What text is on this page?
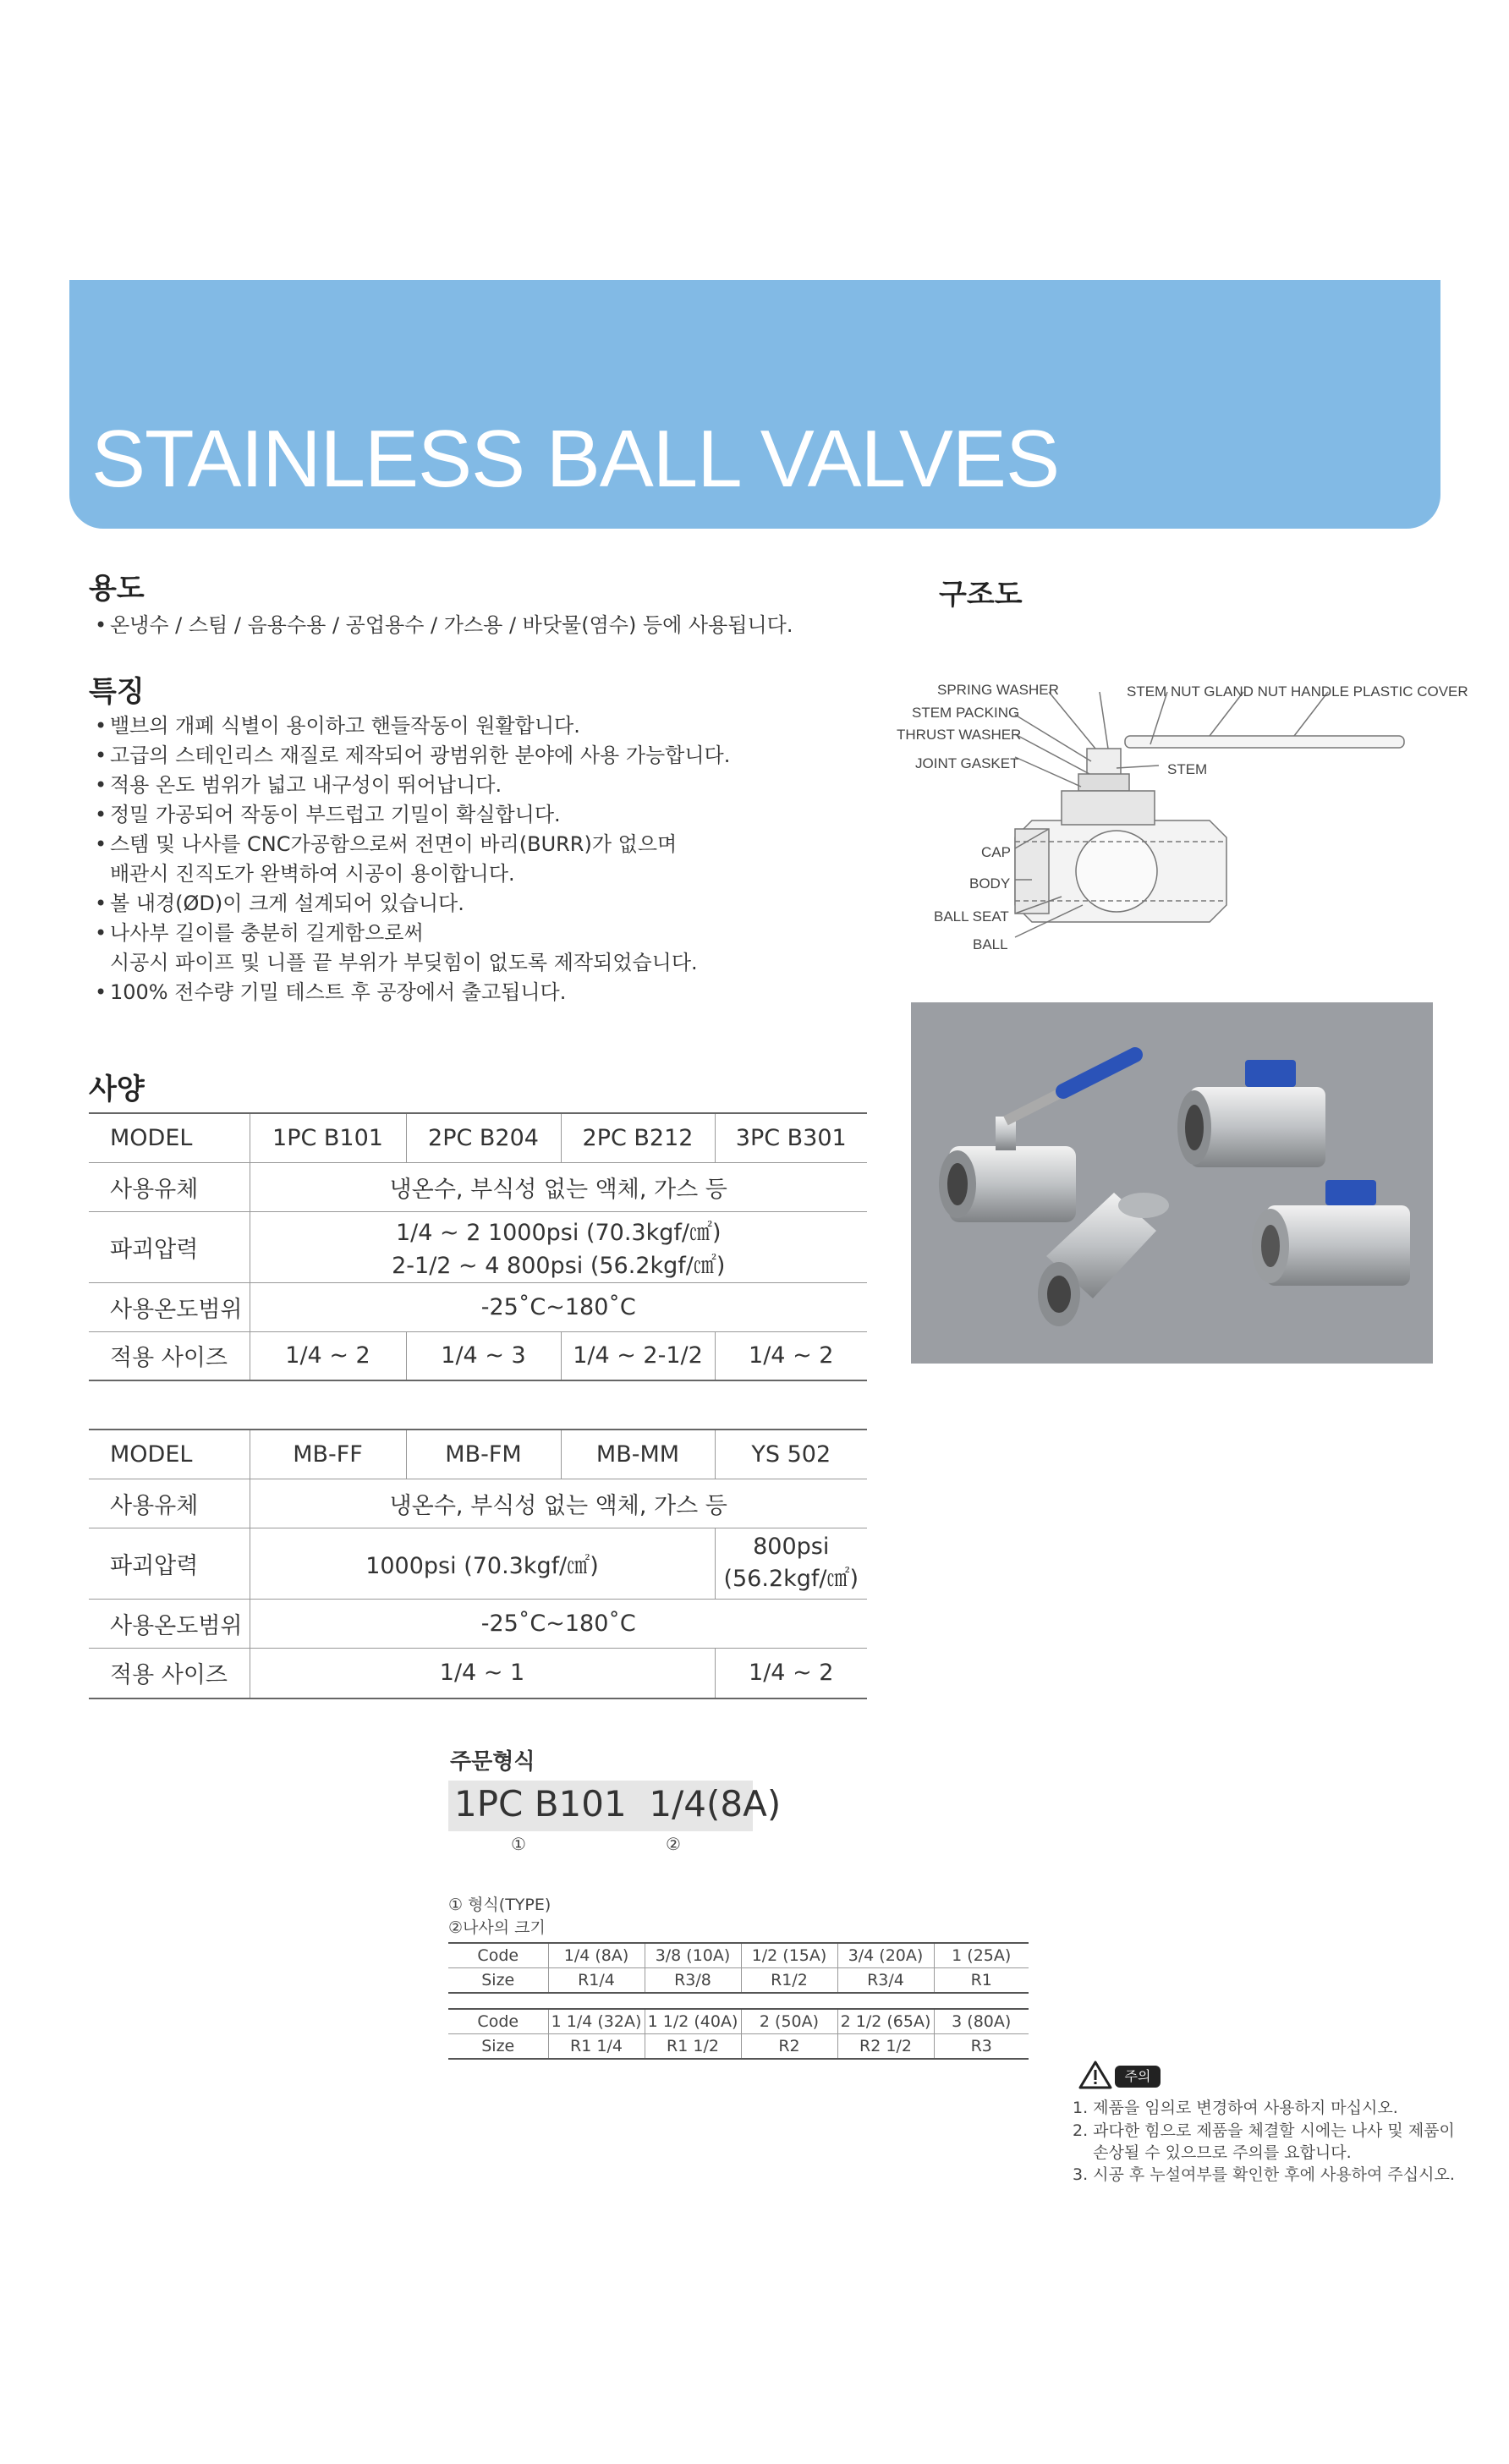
STAINLESS BALL VALVES
용도
• 온냉수 / 스팀 / 음용수용 / 공업용수 / 가스용 / 바닷물(염수) 등에 사용됩니다.
특징
• 밸브의 개폐 식별이 용이하고 핸들작동이 원활합니다.
• 고급의 스테인리스 재질로 제작되어 광범위한 분야에 사용 가능합니다.
• 적용 온도 범위가 넓고 내구성이 뛰어납니다.
• 정밀 가공되어 작동이 부드럽고 기밀이 확실합니다.
• 스템 및 나사를 CNC가공함으로써 전면이 바리(BURR)가 없으며
배관시 진직도가 완벽하여 시공이 용이합니다.
• 볼 내경(ØD)이 크게 설계되어 있습니다.
• 나사부 길이를 충분히 길게함으로써
시공시 파이프 및 니플 끝 부위가 부딪힘이 없도록 제작되었습니다.
• 100% 전수량 기밀 테스트 후 공장에서 출고됩니다.
구조도
SPRING WASHER
STEM PACKING
THRUST WASHER
JOINT GASKET
CAP
BODY
BALL SEAT
BALL
STEM NUT GLAND NUT HANDLE PLASTIC COVER
STEM
사양
MODEL	1PC B101	2PC B204	2PC B212	3PC B301
사용유체	냉온수, 부식성 없는 액체, 가스 등			
파괴압력	1/4 ~ 2 1000psi (70.3kgf/㎠)
2-1/2 ~ 4 800psi (56.2kgf/㎠)			

사용온도범위	-25˚C~180˚C			
적용 사이즈	1/4 ~ 2	1/4 ~ 3	1/4 ~ 2-1/2	1/4 ~ 2
MODEL	MB-FF	MB-FM	MB-MM	YS 502
사용유체	냉온수, 부식성 없는 액체, 가스 등			
파괴압력	1000psi (70.3kgf/㎠)			800psi
(56.2kgf/㎠)

사용온도범위	-25˚C~180˚C			
적용 사이즈	1/4 ~ 1			1/4 ~ 2
주문형식
1PC B101 1/4(8A)
①	②
① 형식(TYPE)
②나사의 크기
Code	1/4 (8A)	3/8 (10A)	1/2 (15A)	3/4 (20A)	1 (25A)
Size	R1/4	R3/8	R1/2	R3/4	R1
Code	1 1/4 (32A)	1 1/2 (40A)	2 (50A)	2 1/2 (65A)	3 (80A)
Size	R1 1/4	R1 1/2	R2	R2 1/2	R3
주의
1. 제품을 임의로 변경하여 사용하지 마십시오.
2. 과다한 힘으로 제품을 체결할 시에는 나사 및 제품이
손상될 수 있으므로 주의를 요합니다.
3. 시공 후 누설여부를 확인한 후에 사용하여 주십시오.
